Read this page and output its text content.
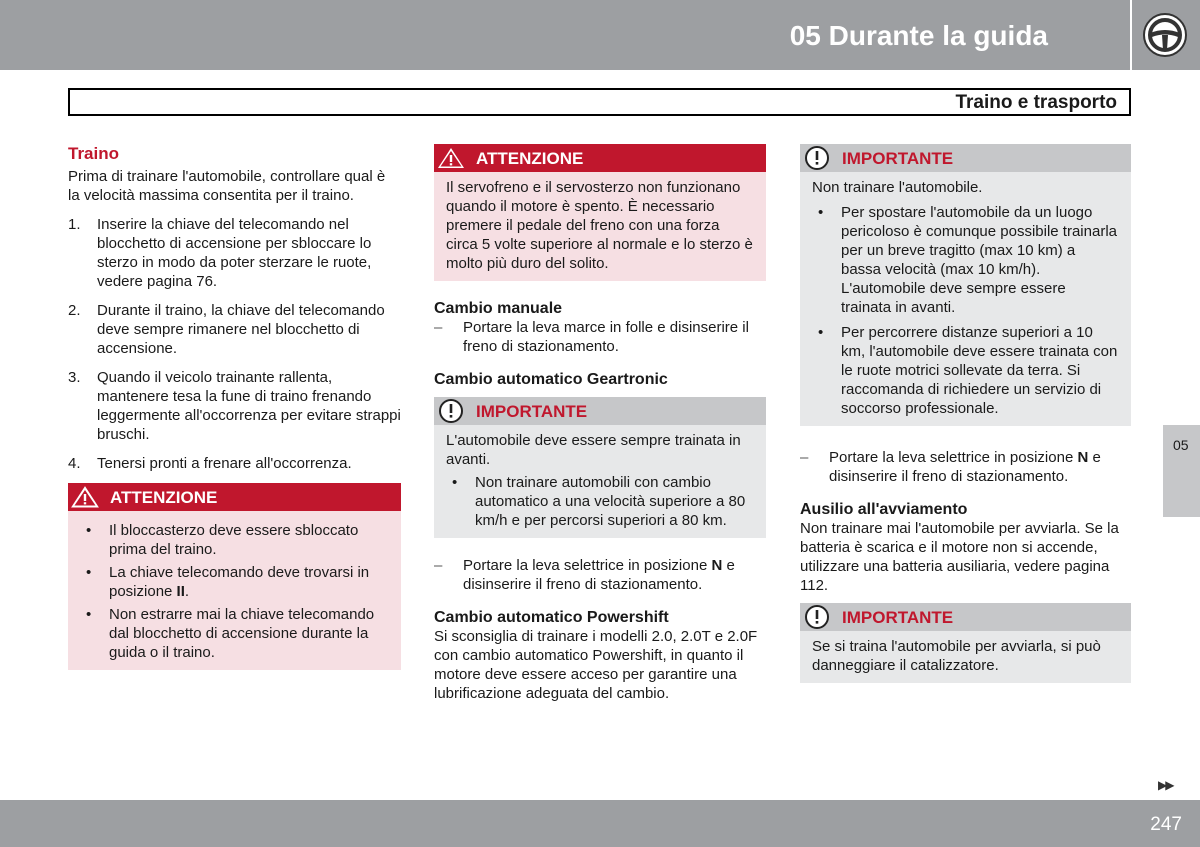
05 Durante la guida
Traino e trasporto
Traino

Prima di trainare l'automobile, controllare qual è la velocità massima consentita per il traino.

1. Inserire la chiave del telecomando nel blocchetto di accensione per sbloccare lo sterzo in modo da poter sterzare le ruote, vedere pagina 76.
2. Durante il traino, la chiave del telecomando deve sempre rimanere nel blocchetto di accensione.
3. Quando il veicolo trainante rallenta, mantenere tesa la fune di traino frenando leggermente all'occorrenza per evitare strappi bruschi.
4. Tenersi pronti a frenare all'occorrenza.
ATTENZIONE
• Il bloccasterzo deve essere sbloccato prima del traino.
• La chiave telecomando deve trovarsi in posizione II.
• Non estrarre mai la chiave telecomando dal blocchetto di accensione durante la guida o il traino.
ATTENZIONE

Il servofreno e il servosterzo non funzionano quando il motore è spento. È necessario premere il pedale del freno con una forza circa 5 volte superiore al normale e lo sterzo è molto più duro del solito.

Cambio manuale
– Portare la leva marce in folle e disinserire il freno di stazionamento.
Cambio automatico Geartronic
IMPORTANTE

L'automobile deve essere sempre trainata in avanti.

• Non trainare automobili con cambio automatico a una velocità superiore a 80 km/h e per percorsi superiori a 80 km.
– Portare la leva selettrice in posizione N e disinserire il freno di stazionamento.
Cambio automatico Powershift

Si sconsiglia di trainare i modelli 2.0, 2.0T e 2.0F con cambio automatico Powershift, in quanto il motore deve essere acceso per garantire una lubrificazione adeguata del cambio.

IMPORTANTE

Non trainare l'automobile.

• Per spostare l'automobile da un luogo pericoloso è comunque possibile trainarla per un breve tragitto (max 10 km) a bassa velocità (max 10 km/h). L'automobile deve sempre essere trainata in avanti.
• Per percorrere distanze superiori a 10 km, l'automobile deve essere trainata con le ruote motrici sollevate da terra. Si raccomanda di richiedere un servizio di soccorso professionale.
– Portare la leva selettrice in posizione N e disinserire il freno di stazionamento.
Ausilio all'avviamento

Non trainare mai l'automobile per avviarla. Se la batteria è scarica e il motore non si accende, utilizzare una batteria ausiliaria, vedere pagina 112.

IMPORTANTE

Se si traina l'automobile per avviarla, si può danneggiare il catalizzatore.

05
▶▶
247
